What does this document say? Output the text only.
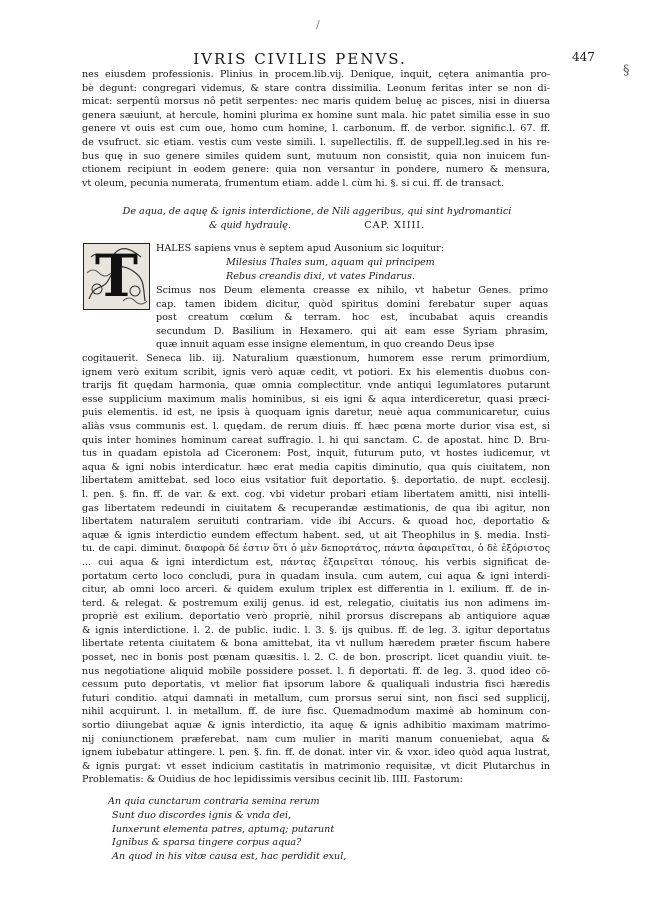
/
IVRIS CIVILIS PENVS.	447
§
nes eiusdem professionis. Plinius in procem.lib.vij. Denique, inquit, cętera animantia pro-
bè degunt: congregari videmus, & stare contra dissimilia. Leonum feritas inter se non di-
micat: serpentû morsus nô petit serpentes: nec maris quidem beluę ac pisces, nisi in diuersa
genera sæuiunt, at hercule, homini plurima ex homine sunt mala. hic patet similia esse in suo
genere vt ouis est cum oue, homo cum homine, l. carbonum. ff. de verbor. signific.l. 67. ff.
de vsufruct. sic etiam. vestis cum veste simili. l. supellectilis. ff. de suppell.leg.sed in his re-
bus quę in suo genere similes quidem sunt, mutuum non consistit, quia non inuicem fun-
ctionem recipiunt in eodem genere: quia non versantur in pondere, numero & mensura,
vt oleum, pecunia numerata, frumentum etiam. adde l. cùm hi. §. si cui. ff. de transact.
De aqua, de aquę & ignis interdictione, de Nili aggeribus, qui sint hydromantici
& quid hydraulę.	CAP. XIIII.
T	HALES sapiens vnus è septem apud Ausonium sic loquitur:
Milesius Thales sum, aquam qui principem
Rebus creandis dixi, vt vates Pindarus.
Scimus nos Deum elementa creasse ex nihilo, vt habetur Genes. primo
cap. tamen ibidem dicitur, quòd spiritus domini ferebatur super aquas
post creatum cœlum & terram. hoc est, incubabat aquis creandis
secundum D. Basilium in Hexamero. qui ait eam esse Syriam phrasim,
quæ innuit aquam esse insigne elementum, in quo creando Deus ipse
cogitauerit. Seneca lib. iij. Naturalium quæstionum, humorem esse rerum primordium,
ignem verò exitum scribit, ignis verò aquæ cedit, vt potiori. Ex his elementis duobus con-
trarijs fit quędam harmonia, quæ omnia complectitur. vnde antiqui legumlatores putarunt
esse supplicium maximum malis hominibus, si eis igni & aqua interdiceretur, quasi præci-
puis elementis. id est, ne ipsis à quoquam ignis daretur, neuè aqua communicaretur, cuius
aliàs vsus communis est. l. quędam. de rerum diuis. ff. hæc pœna morte durior visa est, si
quis inter homines hominum careat suffragio. l. hi qui sanctam. C. de apostat. hinc D. Bru-
tus in quadam epistola ad Ciceronem: Post, inquit, futurum puto, vt hostes iudicemur, vt
aqua & igni nobis interdicatur. hæc erat media capitis diminutio, qua quis ciuitatem, non
libertatem amittebat. sed loco eius vsitatior fuit deportatio. §. deportatio. de nupt. ecclesij.
l. pen. §. fin. ff. de var. & ext. cog. vbi videtur probari etiam libertatem amitti, nisi intelli-
gas libertatem redeundi in ciuitatem & recuperandæ æstimationis, de qua ibi agitur, non
libertatem naturalem seruituti contrariam. vide ibi Accurs. & quoad hoc, deportatio &
aquæ & ignis interdictio eundem effectum habent. sed, ut ait Theophilus in §. media. Insti-
tu. de capi. diminut. διαφορὰ δέ ἐστιν ὅτι ὁ μὲν δεπορτάτος, πάντα ἀφαιρεῖται, ὁ δὲ ἐξόριστος
... cui aqua & igni interdictum est, πάντας ἐξαιρεῖται τόπους. his verbis significat de-
portatum certo loco concludi, pura in quadam insula. cum autem, cui aqua & igni interdi-
citur, ab omni loco arceri. & quidem exulum triplex est differentia in l. exilium. ff. de in-
terd. & relegat. & postremum exilij genus. id est, relegatio, ciuitatis ius non adimens im-
propriè est exilium. deportatio verò propriè, nihil prorsus discrepans ab antiquiore aquæ
& ignis interdictione. l. 2. de public. iudic. l. 3. §. ijs quibus. ff. de leg. 3. igitur deportatus
libertate retenta ciuitatem & bona amittebat, ita vt nullum hæredem præter fiscum habere
posset, nec in bonis post pœnam quæsitis. l. 2. C. de bon. proscript. licet quandiu viuit. te-
nus negotiatione aliquid mobile possidere posset. l. fi deportati. ff. de leg. 3. quod ideo cō-
cessum puto deportatis, vt melior fiat ipsorum labore & qualiquali industria fisci hæredis
futuri conditio. atqui damnati in metallum, cum prorsus serui sint, non fisci sed supplicij,
nihil acquirunt. l. in metallum. ff. de iure fisc. Quemadmodum maximè ab hominum con-
sortio diiungebat aquæ & ignis interdictio, ita aquę & ignis adhibitio maximam matrimo-
nij coniunctionem præferebat. nam cum mulier in mariti manum conueniebat, aqua &
ignem iubebatur attingere. l. pen. §. fin. ff. de donat. inter vir. & vxor. ideo quòd aqua lustrat,
& ignis purgat: vt esset indicium castitatis in matrimonio requisitæ, vt dicit Plutarchus in
Problematis: & Ouidius de hoc lepidissimis versibus cecinit lib. IIII. Fastorum:
An quia cunctarum contraria semina rerum
Sunt duo discordes ignis & vnda dei,
Iunxerunt elementa patres, aptumq; putarunt
Ignibus & sparsa tingere corpus aqua?
An quod in his vitæ causa est, hac perdidit exul,
